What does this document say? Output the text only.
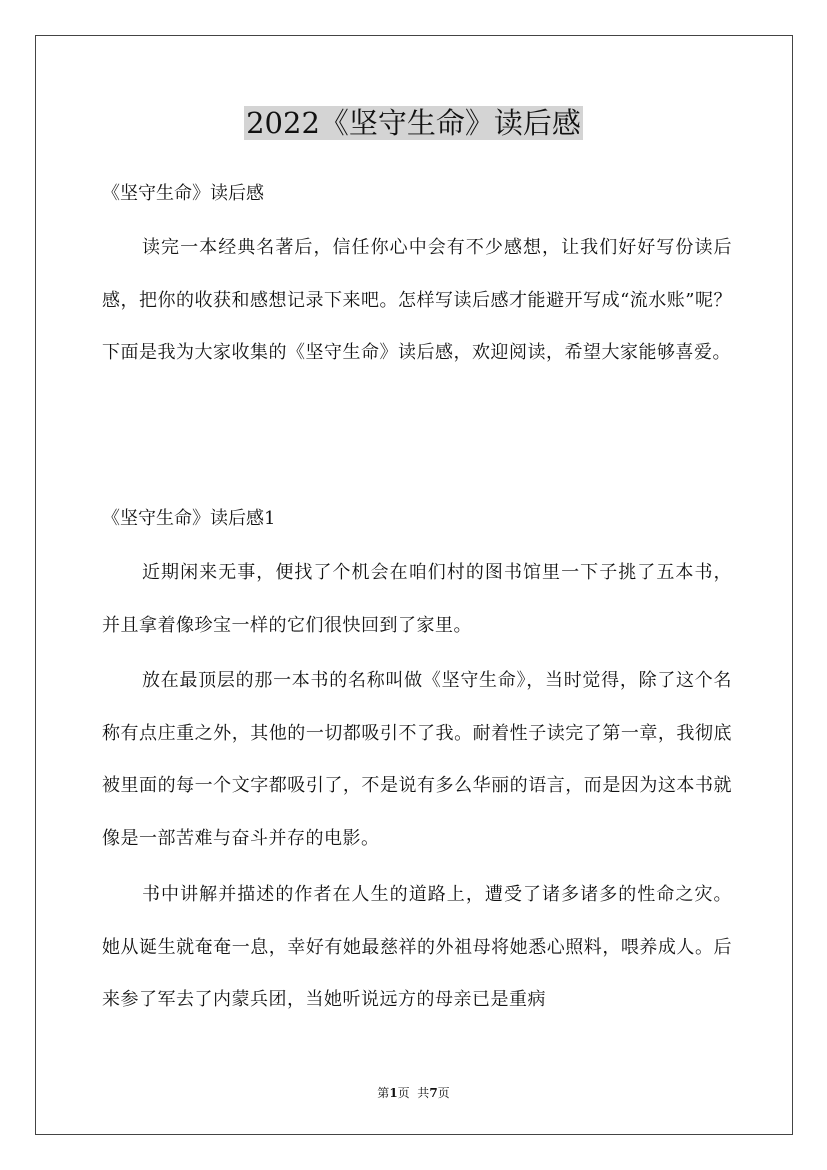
2022《坚守生命》读后感
《坚守生命》读后感

读完一本经典名著后，信任你心中会有不少感想，让我们好好写份读后感，把你的收获和感想记录下来吧。怎样写读后感才能避开写成“流水账”呢？下面是我为大家收集的《坚守生命》读后感，欢迎阅读，希望大家能够喜爱。

《坚守生命》读后感1

近期闲来无事，便找了个机会在咱们村的图书馆里一下子挑了五本书，并且拿着像珍宝一样的它们很快回到了家里。

放在最顶层的那一本书的名称叫做《坚守生命》，当时觉得，除了这个名称有点庄重之外，其他的一切都吸引不了我。耐着性子读完了第一章，我彻底被里面的每一个文字都吸引了，不是说有多么华丽的语言，而是因为这本书就像是一部苦难与奋斗并存的电影。

书中讲解并描述的作者在人生的道路上，遭受了诸多诸多的性命之灾。她从诞生就奄奄一息，幸好有她最慈祥的外祖母将她悉心照料，喂养成人。后来参了军去了内蒙兵团，当她听说远方的母亲已是重病

第1页  共7页
